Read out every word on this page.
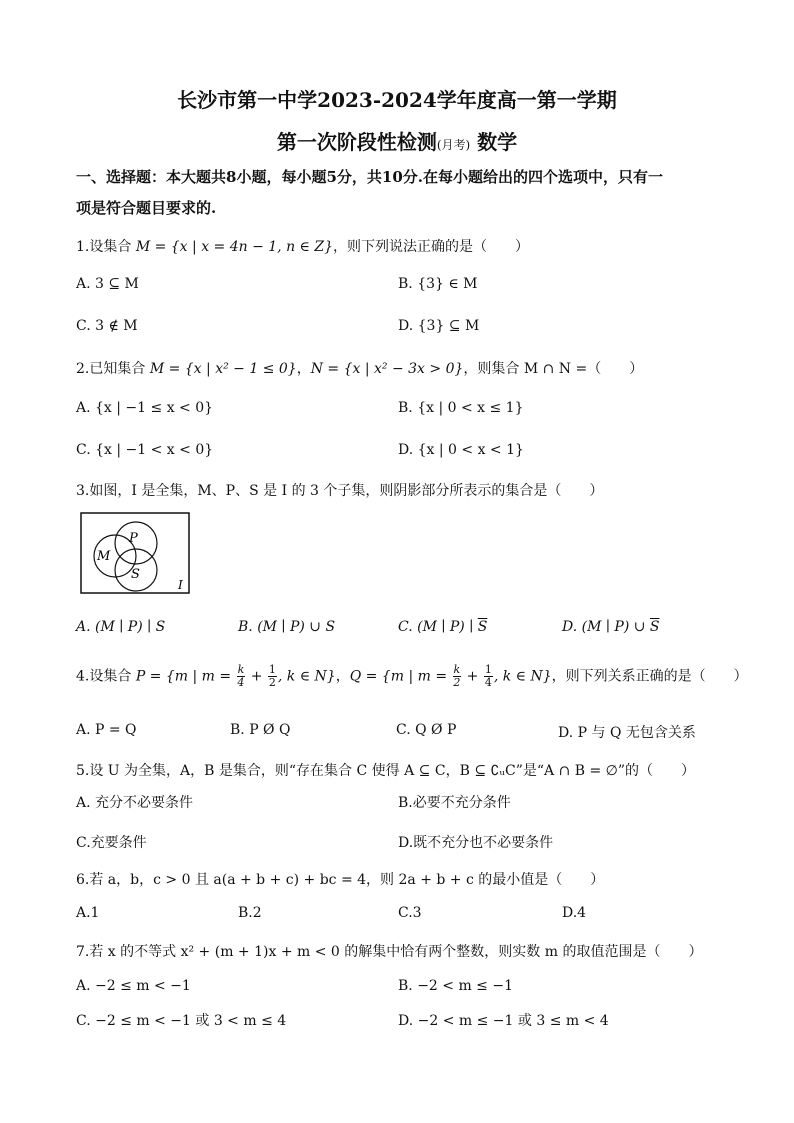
长沙市第一中学2023-2024学年度高一第一学期
第一次阶段性检测(月考) 数学
一、选择题：本大题共8小题，每小题5分，共10分.在每小题给出的四个选项中，只有一
项是符合题目要求的.
1.设集合 M = {x | x = 4n − 1, n ∈ Z}，则下列说法正确的是（　　）
A. 3 ⊆ M	B. {3} ∈ M
C. 3 ∉ M	D. {3} ⊆ M
2.已知集合 M = {x | x² − 1 ≤ 0}，N = {x | x² − 3x > 0}，则集合 M ∩ N =（　　）
A. {x | −1 ≤ x < 0}	B. {x | 0 < x ≤ 1}
C. {x | −1 < x < 0}	D. {x | 0 < x < 1}
3.如图，I 是全集，M、P、S 是 I 的 3 个子集，则阴影部分所表示的集合是（　　）
P
M
S
I
A. (M ∣ P) ∣ S	B. (M ∣ P) ∪ S	C. (M ∣ P) ∣ $\overline{S}$	D. (M ∣ P) ∪ $\overline{S}$
4.设集合 P = {m | $m = \frac{k}{4} + \frac{1}{2}$ , k ∈ N}，Q = {m | $m = \frac{k}{2} + \frac{1}{4}$ , k ∈ N}，则下列关系正确的是（　　）
A. P = Q	B. P Ø Q	C. Q Ø P	D. P 与 Q 无包含关系
5.设 U 为全集，A，B 是集合，则“存在集合 C 使得 A ⊆ C，B ⊆ ∁ᵤC”是“A ∩ B = ∅”的（　　）
A. 充分不必要条件	B.必要不充分条件
C.充要条件	D.既不充分也不必要条件
6.若 a，b，c > 0 且 a(a + b + c) + bc = 4，则 2a + b + c 的最小值是（　　）
A.1	B.2	C.3	D.4
7.若 x 的不等式 x² + (m + 1)x + m < 0 的解集中恰有两个整数，则实数 m 的取值范围是（　　）
A. −2 ≤ m < −1	B. −2 < m ≤ −1
C. −2 ≤ m < −1 或 3 < m ≤ 4	D. −2 < m ≤ −1 或 3 ≤ m < 4
